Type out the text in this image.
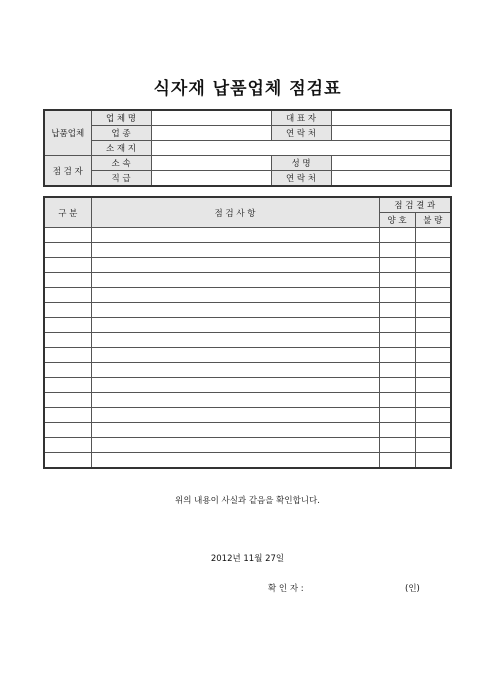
식자재 납품업체 점검표
납품업체	업 체 명		대 표 자	
	업 종		연 락 처	
	소 재 지			
점 검 자	소 속		성 명	
	직 급		연 락 처	
구 분	점 검 사 항	점 검 결 과	
		양 호	불 량

위의 내용이 사실과 같음을 확인합니다.
2012년 11월 27일
확 인 자 :	(인)
